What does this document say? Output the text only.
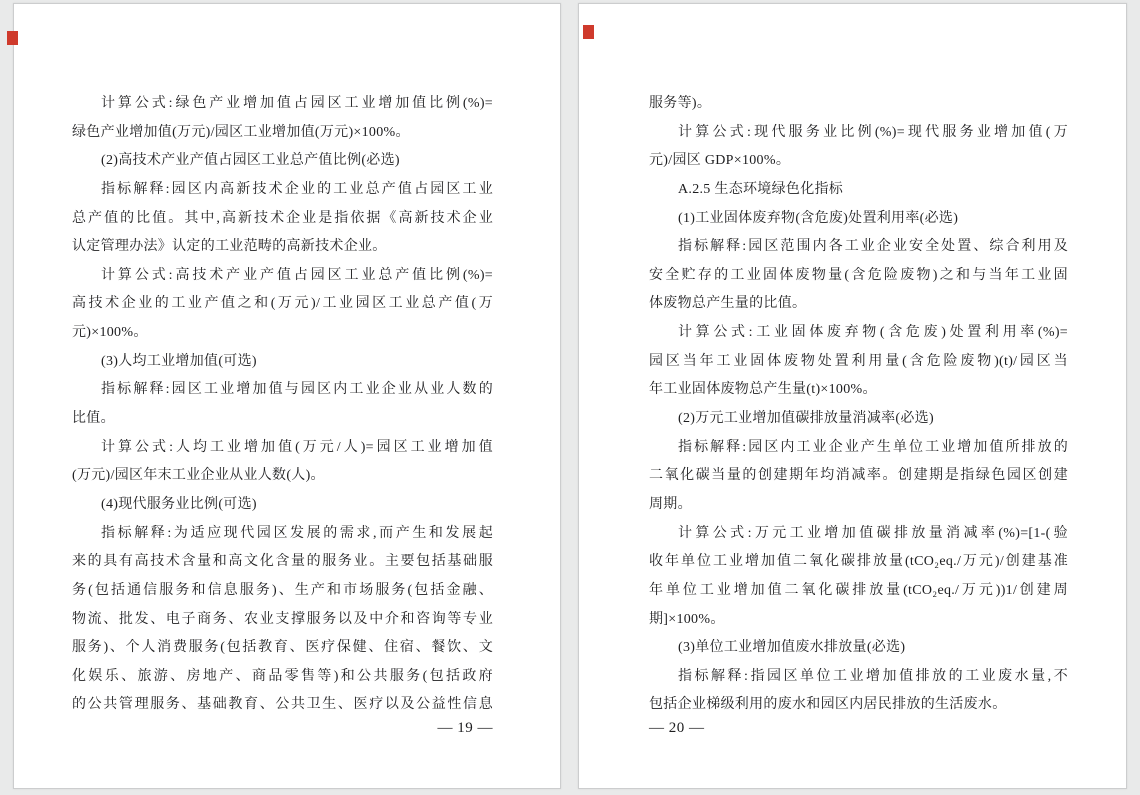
计算公式:绿色产业增加值占园区工业增加值比例(%)=
绿色产业增加值(万元)/园区工业增加值(万元)×100%。
(2)高技术产业产值占园区工业总产值比例(必选)
指标解释:园区内高新技术企业的工业总产值占园区工业
总产值的比值。其中,高新技术企业是指依据《高新技术企业
认定管理办法》认定的工业范畴的高新技术企业。
计算公式:高技术产业产值占园区工业总产值比例(%)=
高技术企业的工业产值之和(万元)/工业园区工业总产值(万
元)×100%。
(3)人均工业增加值(可选)
指标解释:园区工业增加值与园区内工业企业从业人数的
比值。
计算公式:人均工业增加值(万元/人)=园区工业增加值
(万元)/园区年末工业企业从业人数(人)。
(4)现代服务业比例(可选)
指标解释:为适应现代园区发展的需求,而产生和发展起
来的具有高技术含量和高文化含量的服务业。主要包括基础服
务(包括通信服务和信息服务)、生产和市场服务(包括金融、
物流、批发、电子商务、农业支撑服务以及中介和咨询等专业
服务)、个人消费服务(包括教育、医疗保健、住宿、餐饮、文
化娱乐、旅游、房地产、商品零售等)和公共服务(包括政府
的公共管理服务、基础教育、公共卫生、医疗以及公益性信息
— 19 —
服务等)。
计算公式:现代服务业比例(%)=现代服务业增加值(万
元)/园区 GDP×100%。
A.2.5 生态环境绿色化指标
(1)工业固体废弃物(含危废)处置利用率(必选)
指标解释:园区范围内各工业企业安全处置、综合利用及
安全贮存的工业固体废物量(含危险废物)之和与当年工业固
体废物总产生量的比值。
计算公式:工业固体废弃物(含危废)处置利用率(%)=
园区当年工业固体废物处置利用量(含危险废物)(t)/园区当
年工业固体废物总产生量(t)×100%。
(2)万元工业增加值碳排放量消减率(必选)
指标解释:园区内工业企业产生单位工业增加值所排放的
二氧化碳当量的创建期年均消减率。创建期是指绿色园区创建
周期。
计算公式:万元工业增加值碳排放量消减率(%)=[1-(验
收年单位工业增加值二氧化碳排放量(tCO₂eq./万元)/创建基准
年单位工业增加值二氧化碳排放量(tCO₂eq./万元))1/创建周
期]×100%。
(3)单位工业增加值废水排放量(必选)
指标解释:指园区单位工业增加值排放的工业废水量,不
包括企业梯级利用的废水和园区内居民排放的生活废水。
— 20 —
